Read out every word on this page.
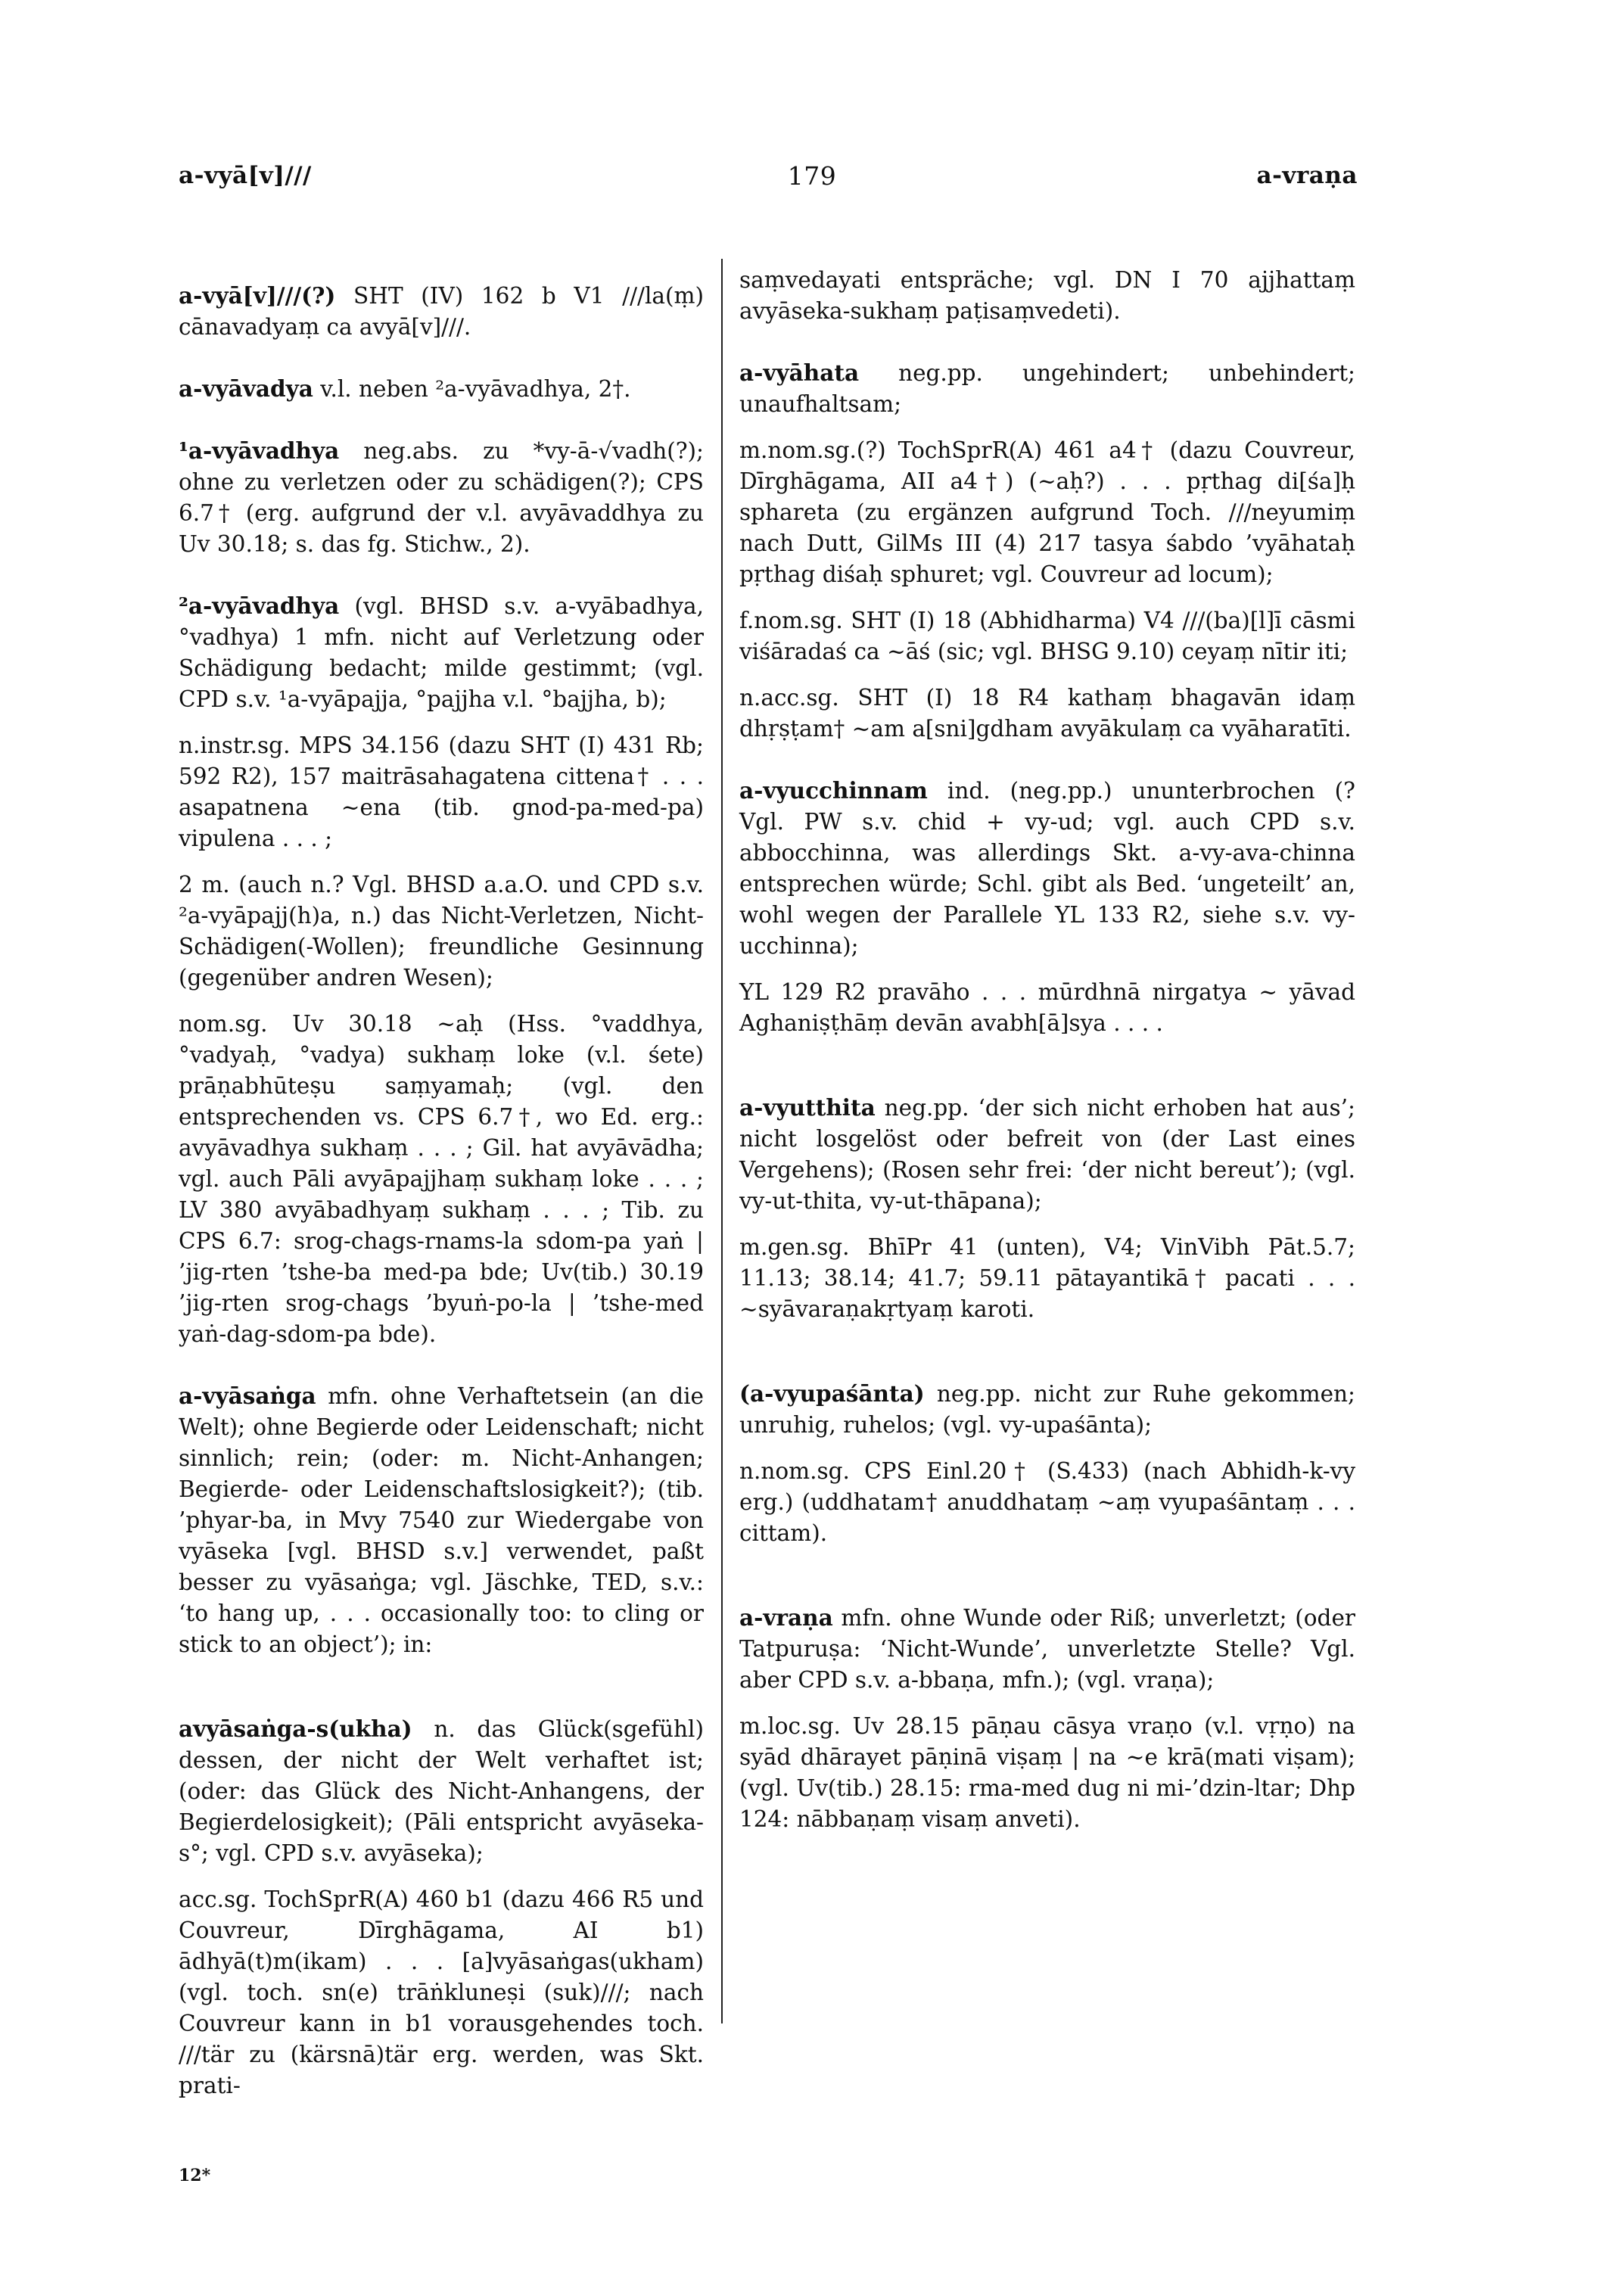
a-vyā[v]///	179	a-vraṇa

a-vyā[v]///(?) SHT (IV) 162 b V1 ///la(ṃ) cānavadyaṃ ca avyā[v]///.

a-vyāvadya v.l. neben ²a-vyāvadhya, 2†.

¹a-vyāvadhya neg.abs. zu *vy-ā-√vadh(?); ohne zu verletzen oder zu schädigen(?); CPS 6.7† (erg. aufgrund der v.l. avyāvaddhya zu Uv 30.18; s. das fg. Stichw., 2).

²a-vyāvadhya (vgl. BHSD s.v. a-vyābadhya, °vadhya) 1 mfn. nicht auf Verletzung oder Schädigung bedacht; milde gestimmt; (vgl. CPD s.v. ¹a-vyāpajja, °pajjha v.l. °bajjha, b);

n.instr.sg. MPS 34.156 (dazu SHT (I) 431 Rb; 592 R2), 157 maitrāsahagatena cittena† . . . asapatnena ~ena (tib. gnod-pa-med-pa) vipulena . . . ;

2 m. (auch n.? Vgl. BHSD a.a.O. und CPD s.v. ²a-vyāpajj(h)a, n.) das Nicht-Verletzen, Nicht-Schädigen(-Wollen); freundliche Gesinnung (gegenüber andren Wesen);

nom.sg. Uv 30.18 ~aḥ (Hss. °vaddhya, °vadyaḥ, °vadya) sukhaṃ loke (v.l. śete) prāṇabhūteṣu saṃyamaḥ; (vgl. den entsprechenden vs. CPS 6.7†, wo Ed. erg.: avyāvadhya sukhaṃ . . . ; Gil. hat avyāvādha; vgl. auch Pāli avyāpajjhaṃ sukhaṃ loke . . . ; LV 380 avyābadhyaṃ sukhaṃ . . . ; Tib. zu CPS 6.7: srog-chags-rnams-la sdom-pa yaṅ | ’jig-rten ’tshe-ba med-pa bde; Uv(tib.) 30.19 ’jig-rten srog-chags ’byuṅ-po-la | ’tshe-med yaṅ-dag-sdom-pa bde).

a-vyāsaṅga mfn. ohne Verhaftetsein (an die Welt); ohne Begierde oder Leidenschaft; nicht sinnlich; rein; (oder: m. Nicht-Anhangen; Begierde- oder Leidenschaftslosigkeit?); (tib. ’phyar-ba, in Mvy 7540 zur Wiedergabe von vyāseka [vgl. BHSD s.v.] verwendet, paßt besser zu vyāsaṅga; vgl. Jäschke, TED, s.v.: ‘to hang up, . . . occasionally too: to cling or stick to an object’); in:

avyāsaṅga-s(ukha) n. das Glück(sgefühl) dessen, der nicht der Welt verhaftet ist; (oder: das Glück des Nicht-Anhangens, der Begierdelosigkeit); (Pāli entspricht avyāseka-s°; vgl. CPD s.v. avyāseka);

acc.sg. TochSprR(A) 460 b1 (dazu 466 R5 und Couvreur, Dīrghāgama, AI b1) ādhyā(t)m(ikam) . . . [a]vyāsaṅgas(ukham) (vgl. toch. sn(e) trāṅkluneṣi (suk)///; nach Couvreur kann in b1 vorausgehendes toch. ///tär zu (kärsnā)tär erg. werden, was Skt. prati-

saṃvedayati entspräche; vgl. DN I 70 ajjhattaṃ avyāseka-sukhaṃ paṭisaṃvedeti).

a-vyāhata neg.pp. ungehindert; unbehindert; unaufhaltsam;

m.nom.sg.(?) TochSprR(A) 461 a4† (dazu Couvreur, Dīrghāgama, AII a4†) (~aḥ?) . . . pṛthag di[śa]ḥ sphareta (zu ergänzen aufgrund Toch. ///neyumiṃ nach Dutt, GilMs III (4) 217 tasya śabdo ’vyāhataḥ pṛthag diśaḥ sphuret; vgl. Couvreur ad locum);

f.nom.sg. SHT (I) 18 (Abhidharma) V4 ///(ba)[l]ī cāsmi viśāradaś ca ~āś (sic; vgl. BHSG 9.10) ceyaṃ nītir iti;

n.acc.sg. SHT (I) 18 R4 kathaṃ bhagavān idaṃ dhṛṣṭam† ~am a[sni]gdham avyākulaṃ ca vyāharatīti.

a-vyucchinnam ind. (neg.pp.) ununterbrochen (? Vgl. PW s.v. chid + vy-ud; vgl. auch CPD s.v. abbocchinna, was allerdings Skt. a-vy-ava-chinna entsprechen würde; Schl. gibt als Bed. ‘ungeteilt’ an, wohl wegen der Parallele YL 133 R2, siehe s.v. vy-ucchinna);

YL 129 R2 pravāho . . . mūrdhnā nirgatya ~ yāvad Aghaniṣṭhāṃ devān avabh[ā]sya . . . .

a-vyutthita neg.pp. ‘der sich nicht erhoben hat aus’; nicht losgelöst oder befreit von (der Last eines Vergehens); (Rosen sehr frei: ‘der nicht bereut’); (vgl. vy-ut-thita, vy-ut-thāpana);

m.gen.sg. BhīPr 41 (unten), V4; VinVibh Pāt.5.7; 11.13; 38.14; 41.7; 59.11 pātayantikā† pacati . . . ~syāvaraṇakṛtyaṃ karoti.

(a-vyupaśānta) neg.pp. nicht zur Ruhe gekommen; unruhig, ruhelos; (vgl. vy-upaśānta);

n.nom.sg. CPS Einl.20† (S.433) (nach Abhidh-k-vy erg.) (uddhatam† anuddhataṃ ~aṃ vyupaśāntaṃ . . . cittam).

a-vraṇa mfn. ohne Wunde oder Riß; unverletzt; (oder Tatpuruṣa: ‘Nicht-Wunde’, unverletzte Stelle? Vgl. aber CPD s.v. a-bbaṇa, mfn.); (vgl. vraṇa);

m.loc.sg. Uv 28.15 pāṇau cāsya vraṇo (v.l. vṛṇo) na syād dhārayet pāṇinā viṣaṃ | na ~e krā(mati viṣam); (vgl. Uv(tib.) 28.15: rma-med dug ni mi-’dzin-ltar; Dhp 124: nābbaṇaṃ visaṃ anveti).

12*
